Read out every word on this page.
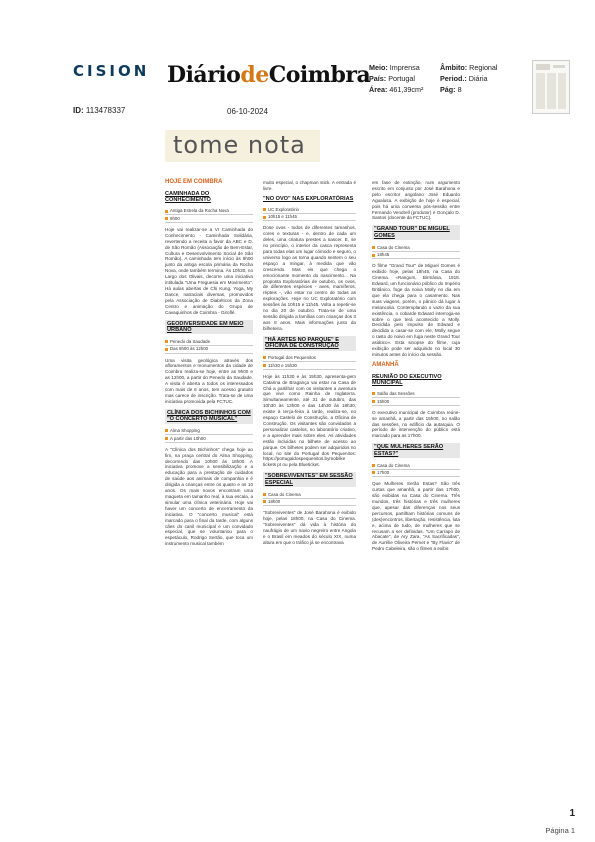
CISION DiáriodeCoimbra
Meio: Imprensa
País: Portugal
Área: 461,39cm²
Âmbito: Regional
Period.: Diária
Pág: 8
ID: 113478337	06-10-2024
tome nota
HOJE EM COIMBRA
CAMINHADA DO CONHECIMENTO
Antiga Estrela da Rocha Nova
9h00

Hoje vai realizar-se a VI Caminhada do Conhecimento - Caminhada Solidária, revertendo a receita a favor da ABC e D. de São Romão (Associação de Bem-Estar, Cultura e Desenvolvimento Social de São Romão). A caminhada tem início às 9h00 junto da antiga escola primária da Rocha Nova, onde também termina. Às 10h30, no Largo dos Olivais, decorre uma iniciativa intitulada "Uma Freguesia em Movimento". Há aulas abertas de Chi Kung, Yoga, My Dance, natraciais diversas, promovidos pela Associação de Diabéticos da Zona Centro e animação do Grupo de Cavaquinhos de Coimbra - Giroflé.

GEODIVERSIDADE EM MEIO URBANO
Penedo da Saudade
Das 9h00 às 12h00

Uma visita geológica através dos afloramentos e monumentos da cidade de Coimbra realiza-se hoje, entre as 9h00 e as 12h00, a partir do Penedo da Saudade. A visita é aberta a todos os interessados com mais de 6 anos, tem acesso gratuito mas carece de inscrição. Trata-se de uma iniciativa promovida pela FCTUC.

CLÍNICA DOS BICHINHOS COM "O CONCERTO MUSICAL"
Alma Shopping
A partir das 10h00

A "Clínica dos Bichinhos" chega hoje ao fim, na praça central do Alma Shopping, decorrendo das 10h00 às 18h00. A iniciativa promove a sensibilização e a educação para a prestação de cuidados de saúde aos animais de companhia e é dirigida a crianças entre os quatro e os 10 anos. Os mais novos encontram uma maqueta em tamanho real, à sua escala, a simular uma clínica veterinária. Hoje vai haver um concerto de encerramento da iniciativa. O "concerto musical" está marcado para o final da tarde, com alguns cães do canil municipal e um convidado especial, que se voluntariou para o espetáculo, Rodrigo Sertão, que toca um instrumento musical também

muito especial, o chapman stick. A entrada é livre.

"NO OVO" NAS EXPLORATÓRIAS
UC Exploratório
10h15 e 11h45

Dose ovos - todos de diferentes tamanhos, cores e texturas - e, dentro de cada um deles, uma criatura prestes a nascer. E, se no princípio, o interior da casca representa para todas elas um lugar cómodo e seguro, o universo logo as torna quando sentem o seu espaço a mingar, à medida que vão crescendo. Mas eis que chega o emocionante momento do nascimento... Na proposta Exploratórias de outubro, os ovos, de diferentes espécies - aves, mamíferos, répteis -, vão estar no centro de todas as explorações. Hoje no UC Exploratório com sessões às 10h15 e 11h45. Volta a repetir-se no dia 20 de outubro. Trata-se de uma sessão dirigida a famílias com crianças dos 3 aos 8 anos. Mais informações junto da bilheteira.

"HÁ ARTES NO PARQUE" E OFICINA DE CONSTRUÇÃO
Portugal dos Pequenitos
11h30 e 15h30

Hoje às 11h30 e às 15h30, apresenta-gem Catarina de Bragança vai estar na Casa de Chá a partilhar com os visitantes a aventura que vive como Rainha de Inglaterra. Simultaneamente, até 31 de outubro, das 10h30 às 13h00 e das 14h30 às 18h30, existe à terça-feira à tarde, realiza-se, no espaço Castelo de Construção, a Oficina de Construção. Os visitantes são convidados a personalizar castelos, no laboratório criativo, e a aprender mais sobre eles. As atividades estão incluídas no bilhete de acesso ao parque. Os bilhetes podem ser adquiridos no local, no site do Portugal dos Pequenitos: https://portugaldospequenitos.bymobilke tickets pt ou pela Blueticket.

"SOBREVIVENTES" EM SESSÃO ESPECIAL
Casa do Cinema
18h00

"Sobreviventes" de José Barahona é exibido hoje, pelas 18h00, na Casa do Cinema. "Sobreviventes" dá vida à história do naufrágio de um navio negreiro entre Angola e o Brasil em meados do século XIX, numa altura em que o tráfico já se encontrava

em fase de extinção, num argumento escrito em conjunto por José Barahona e pelo escritor angolano José Eduardo Agualusa. A exibição de hoje é especial, pois há uma conversa pós-sessão entre Fernando Vendrell (produtor) e Gonçalo D. Santos (docente da FCTUC).

"GRAND TOUR" DE MIGUEL GOMES
Casa do Cinema
18h45

O filme "Grand Tour" de Miguel Gomes é exibido hoje, pelas 18h45, na Casa do Cinema. «Rangum, Birmânia, 1918. Edward, um funcionário público do Império Britânico, foge da noiva Molly no dia em que ela chega para o casamento. Nas suas viagens, porém, o pânico dá lugar à melancolia. Contemplando o vazio da sua existência, o cobarde Edward interroga-se sobre o que terá acontecido a Molly. Decidida pelo impulso de Edward e decidida a casar-se com ele, Molly segue o rasto do noivo em fuga neste Grand Tour asiático». Esta sinopse do filme, cuja exibição pode ser adquirido no local 30 minutos antes do início da sessão.

AMANHÃ
REUNIÃO DO EXECUTIVO MUNICIPAL
Salão das Sessões
15h00

O executivo municipal de Coimbra reúne-se amanhã, a partir das 15h00, no salão das sessões, no edifício da autarquia. O período de intervenção do público está marcado para as 17h00.

"QUE MULHERES SERÃO ESTAS?"
Casa do Cinema
17h00

Que Mulheres Serão Estas? São três curtas que amanhã, a partir das 17h00, são exibidas na Casa do Cinema. Três mundos, três histórias e três mulheres que, apesar das diferenças nos seus percursos, partilham histórias comuns de (des)encontros, libertação, resistência, luta e, acima de tudo, de mulheres que se recusam a ser definidas. "Um Carrapo de Abacate", de Ary Zara, "As Sacrificadas", de Aurélie Oliveira Pernet e "By Flavio" de Pedro Cabeleira, são o filmes a exibir.

1
Página 1
